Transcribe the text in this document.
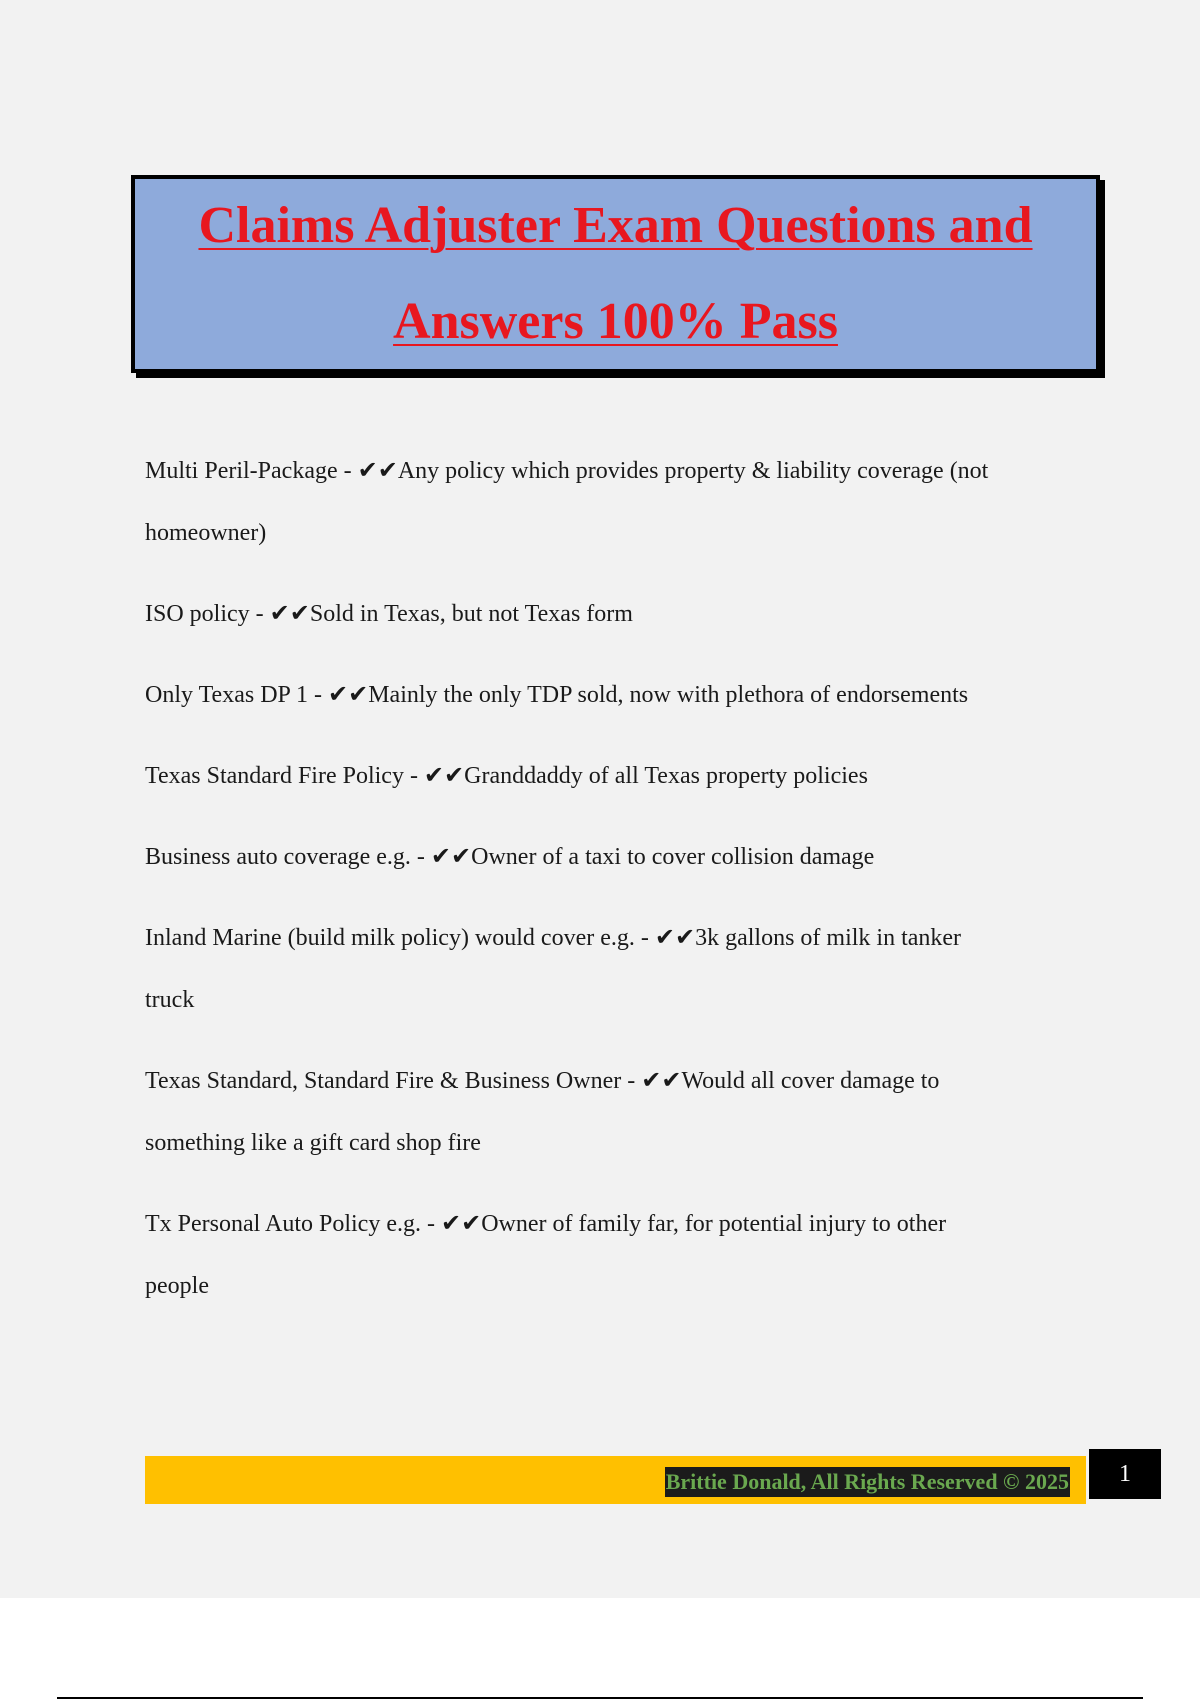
Claims Adjuster Exam Questions and
Answers 100% Pass
Multi Peril-Package - ✔✔Any policy which provides property & liability coverage (not
homeowner)
ISO policy - ✔✔Sold in Texas, but not Texas form
Only Texas DP 1 - ✔✔Mainly the only TDP sold, now with plethora of endorsements
Texas Standard Fire Policy - ✔✔Granddaddy of all Texas property policies
Business auto coverage e.g. - ✔✔Owner of a taxi to cover collision damage
Inland Marine (build milk policy) would cover e.g. - ✔✔3k gallons of milk in tanker
truck
Texas Standard, Standard Fire & Business Owner - ✔✔Would all cover damage to
something like a gift card shop fire
Tx Personal Auto Policy e.g. - ✔✔Owner of family far, for potential injury to other
people
Brittie Donald, All Rights Reserved © 2025	1
